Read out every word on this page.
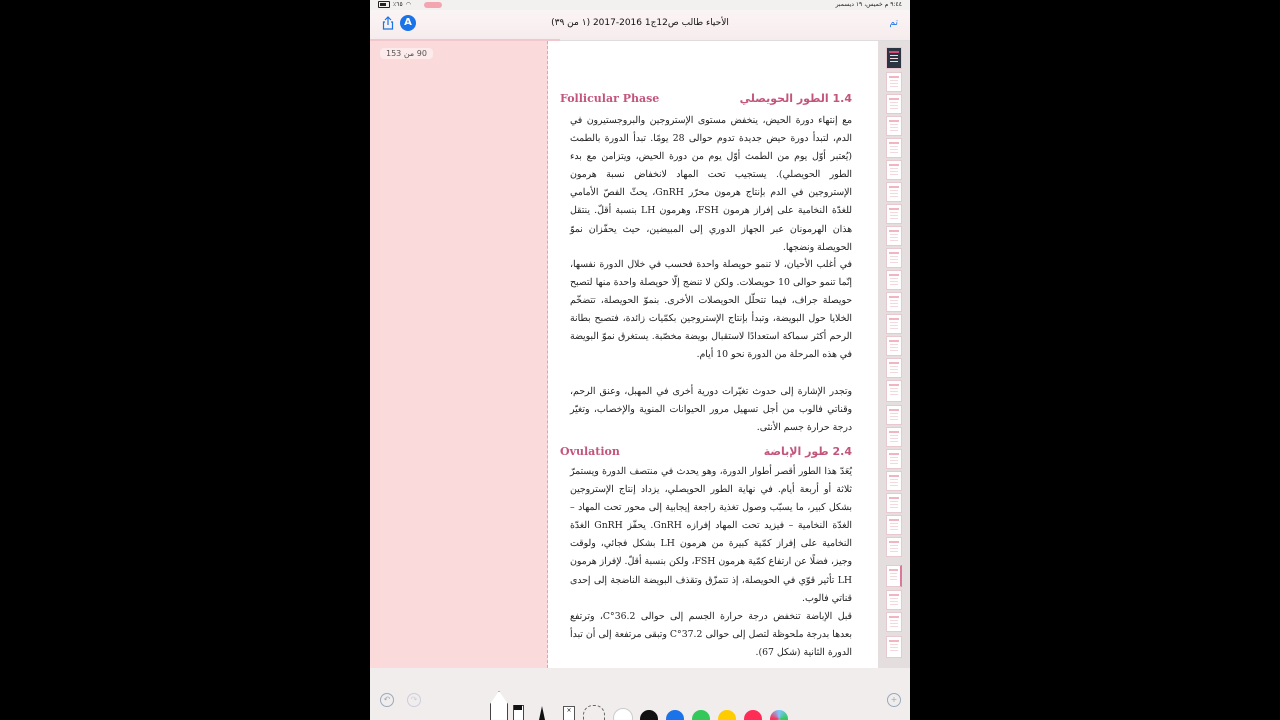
٪٦٥ ◠	٩:٤٤ م خميس، ١٩ ديسمبر
A	الأحياء طالب ص12ج1 2016-2017 (١ من ٣٩)	تم
90 من 153
Follicular Phase	1.4 الطور الحويصلي
مع إنتهاء دورة الحيض، ينخفض مستوى الإستروجين والبروجستيرون في الدم، لتبدأ دورة حيض جديدة تدوم حوالى 28 يومًا. تبدأ الدورة بالطمث (يُعتبر أوّل يوم من الطمث أوّل يوم من دورة الحيض، ويتزامن مع بدء الطور الحويصلي). يستجيب تحت المهاد لانخفاض نسبة هرمون الإستروجين في الدم بإنتاج هرمون محرّر GnRH، يحثّ الفصّ الأمامي للغدّة النخامية على إفراز هرمون FSH، وهرمون LH بنسبة أقلّ. ينتقل هذان الهرمونان عبر الجهاز الدوري إلى المبيضين، حيث يحفّزان نموّ الحويصلة ونضجها.
في أغلب الأحيان، لا تنمو حويصلة واحدة فحسب في خلال الدورة نفسها، إنّما تنمو حوالى 10 حويصلات. ولكن لا تنضج إلّا حويصلة واحدة منها لتصبح حويصلة جراف، فيما تتحلّل الحويصلات الأخرى. بنموّ الحويصلة، تتضخّم الخلايا حول البويضة، وتبدأ بإنتاج الإستروجين بكمّيات زائدة، فتصبح بطانة الرحم أكثر سماكة استعدادًا لاستقبال بويضة مخصّبة. يستغرق نموّ البويضة في هذه المرحلة من الدورة نحو 10 أيام.
وتجدر الإشارة إلى حدوث تغيّرات دورية أخرى في المهبل، وعنق الرحم، وقناتي فالوب من أجل تسهيل مرور الحيوانات المنوية والإخصاب، وتغيّر درجة حرارة جسم الأنثى.
Ovulation	2.4 طور الإباضة
يُعَدّ هذا الطور أقصر أطوار الدورة، وهو يحدث في منتصف الدورة ويستمرّ ثلاثة أو أربعة أيام. في نهاية الطور الحويصلي، يزداد إنتاج الإستروجين بشكل كبير، ما يسبّب وصول تغذية راجعة إيجابية إلى محور تحت المهاد – الغدّة النخامية – فيزيد تحت المهاد إفرازه GnRH. يحفّز GnRH الغدّة النخامية على إفراز كمّية كبيرة من هرمون LH بشكل فجائي، ولوقت وجيز، فضلًا عن ارتفاع كمّية هرمون FSH، ولكن بنسبة أقلّ. لإفراز هرمون LH تأثير قوّي في الحويصلة، إذ تتمزّق وتقذف البويضة الناضجة إلى إحدى قناتي فالوب.
قبل الإباضة تنخفض درجة حرارة الجسم إلى حوالى 36.2°C، وترتفع بعدها بدرجة ملحوظة لتصل إلى حوالى 37.2°C وتبقى مرتفعة إلى أن تبدأ الدورة الثانية (شكل 67).
↶	↷
×
+
